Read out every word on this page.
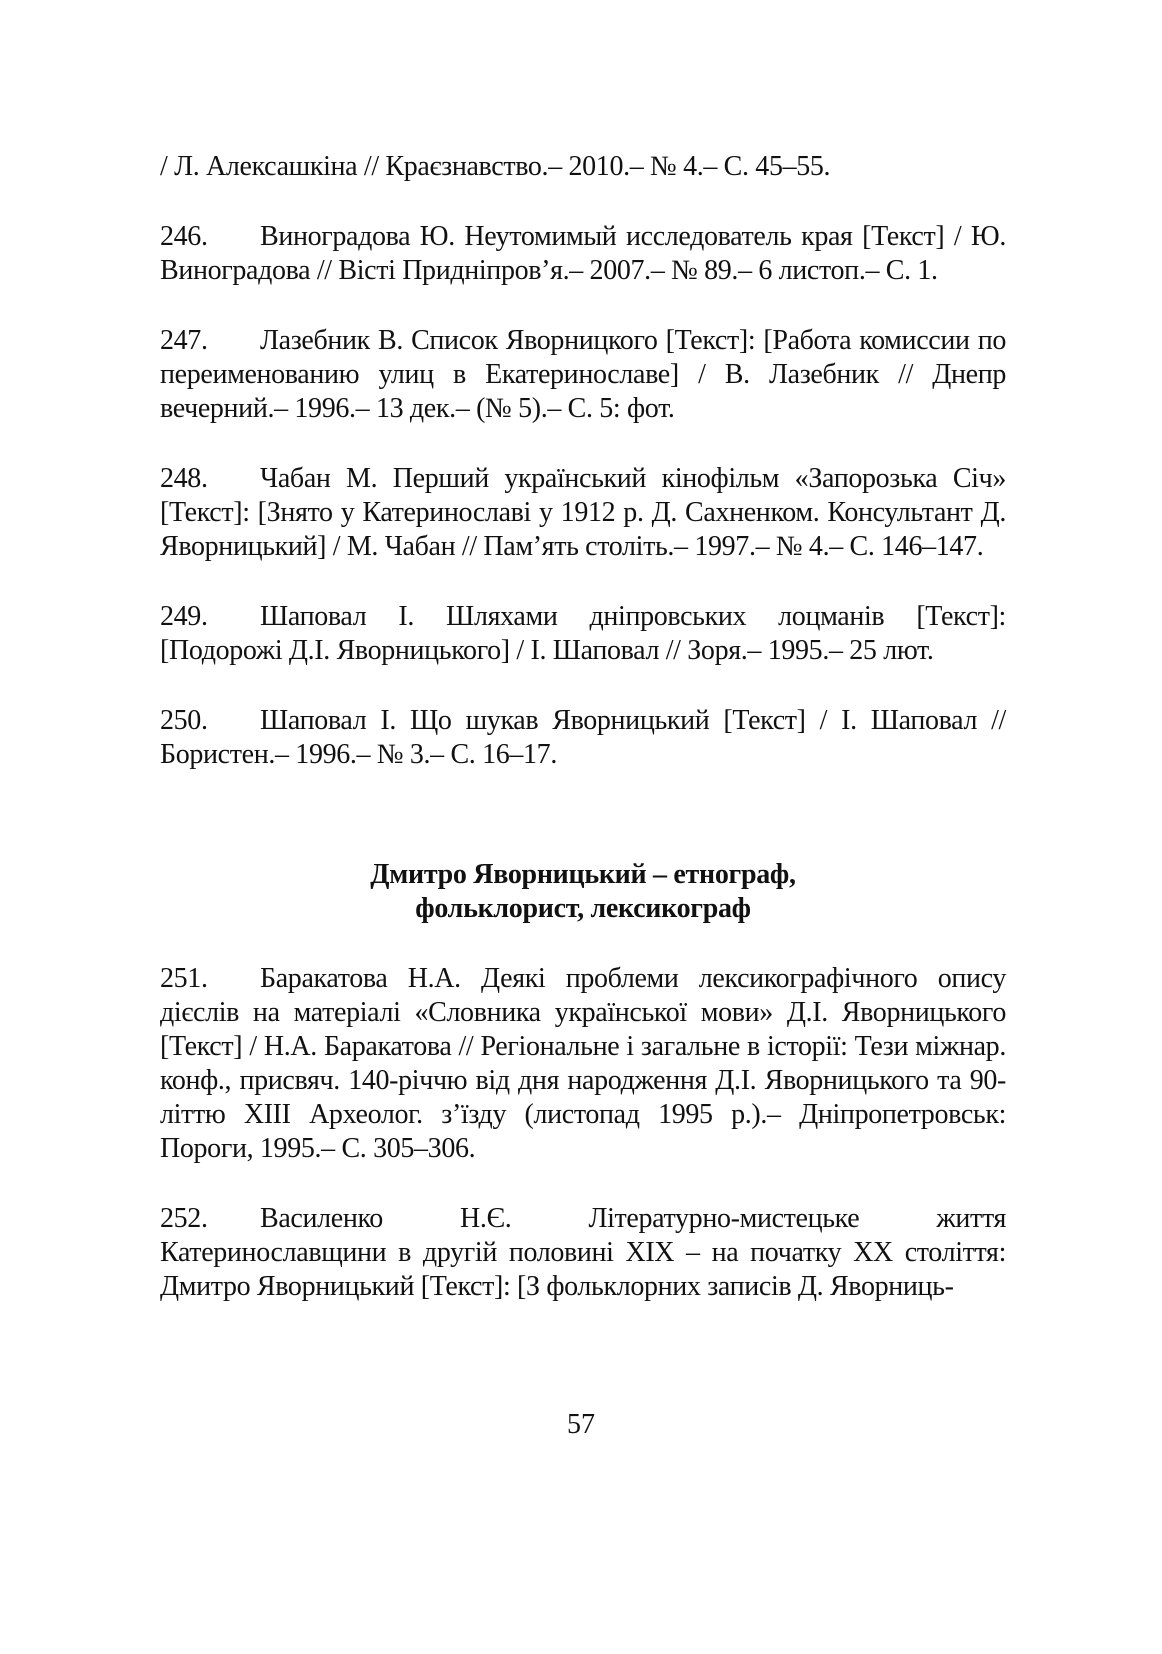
/ Л. Алексашкіна // Краєзнавство.– 2010.– № 4.– С. 45–55.

246. Виноградова Ю. Неутомимый исследователь края [Текст] / Ю. Виноградова // Вісті Придніпров’я.– 2007.– № 89.– 6 листоп.– С. 1.

247. Лазебник В. Список Яворницкого [Текст]: [Работа комиссии по переименованию улиц в Екатеринославе] / В. Лазебник // Днепр вечерний.– 1996.– 13 дек.– (№ 5).– С. 5: фот.

248. Чабан М. Перший український кінофільм «Запорозька Січ» [Текст]: [Знято у Катеринославі у 1912 р. Д. Сахненком. Консультант Д. Яворницький] / М. Чабан // Пам’ять століть.– 1997.– № 4.– С. 146–147.

249. Шаповал І. Шляхами дніпровських лоцманів [Текст]: [Подорожі Д.І. Яворницького] / І. Шаповал // Зоря.– 1995.– 25 лют.

250. Шаповал І. Що шукав Яворницький [Текст] / І. Шаповал // Бористен.– 1996.– № 3.– С. 16–17.

Дмитро Яворницький – етнограф,
фольклорист, лексикограф

251. Баракатова Н.А. Деякі проблеми лексикографічного опису дієслів на матеріалі «Словника української мови» Д.І. Яворницького [Текст] / Н.А. Баракатова // Регіональне і загальне в історії: Тези міжнар. конф., присвяч. 140-річчю від дня народження Д.І. Яворницького та 90-літтю XIII Археолог. з’їзду (листопад 1995 р.).– Дніпропетровськ: Пороги, 1995.– С. 305–306.

252. Василенко Н.Є. Літературно-мистецьке життя Катеринославщини в другій половині XIX – на початку XX століття: Дмитро Яворницький [Текст]: [З фольклорних записів Д. Яворниць-

57
